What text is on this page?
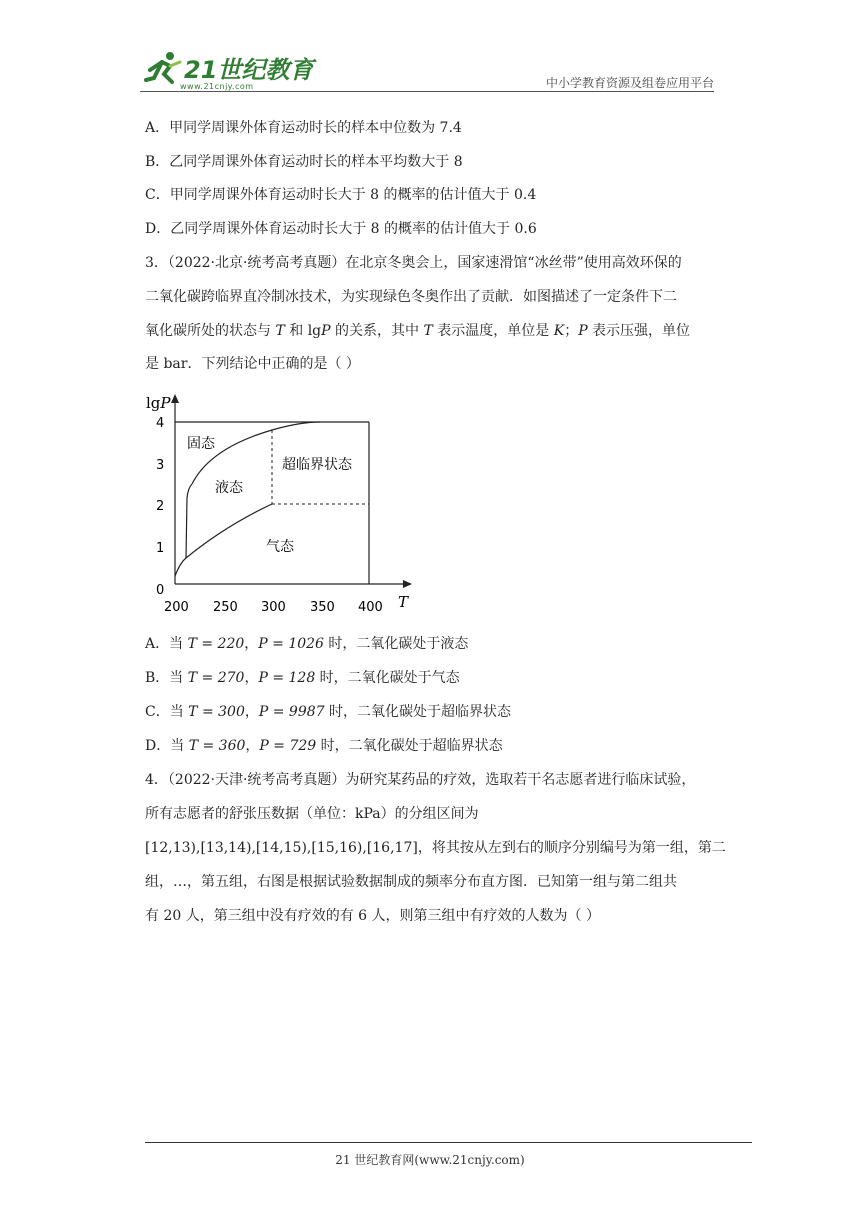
21世纪教育
www.21cnjy.com	中小学教育资源及组卷应用平台
A．甲同学周课外体育运动时长的样本中位数为 7.4
B．乙同学周课外体育运动时长的样本平均数大于 8
C．甲同学周课外体育运动时长大于 8 的概率的估计值大于 0.4
D．乙同学周课外体育运动时长大于 8 的概率的估计值大于 0.6
3．（2022·北京·统考高考真题）在北京冬奥会上，国家速滑馆“冰丝带”使用高效环保的
二氧化碳跨临界直冷制冰技术，为实现绿色冬奥作出了贡献．如图描述了一定条件下二
氧化碳所处的状态与 T 和 lgP 的关系，其中 T 表示温度，单位是 K；P 表示压强，单位
是 bar．下列结论中正确的是（ ）
lgP
T
4
3
2
1
0
200 250 300 350 400
固态
液态
超临界状态
气态
A．当 T = 220，P = 1026 时，二氧化碳处于液态
B．当 T = 270，P = 128 时，二氧化碳处于气态
C．当 T = 300，P = 9987 时，二氧化碳处于超临界状态
D．当 T = 360，P = 729 时，二氧化碳处于超临界状态
4．（2022·天津·统考高考真题）为研究某药品的疗效，选取若干名志愿者进行临床试验，
所有志愿者的舒张压数据（单位：kPa）的分组区间为
[12,13),[13,14),[14,15),[15,16),[16,17]，将其按从左到右的顺序分别编号为第一组，第二
组，…，第五组，右图是根据试验数据制成的频率分布直方图．已知第一组与第二组共
有 20 人，第三组中没有疗效的有 6 人，则第三组中有疗效的人数为（ ）
21 世纪教育网(www.21cnjy.com)
